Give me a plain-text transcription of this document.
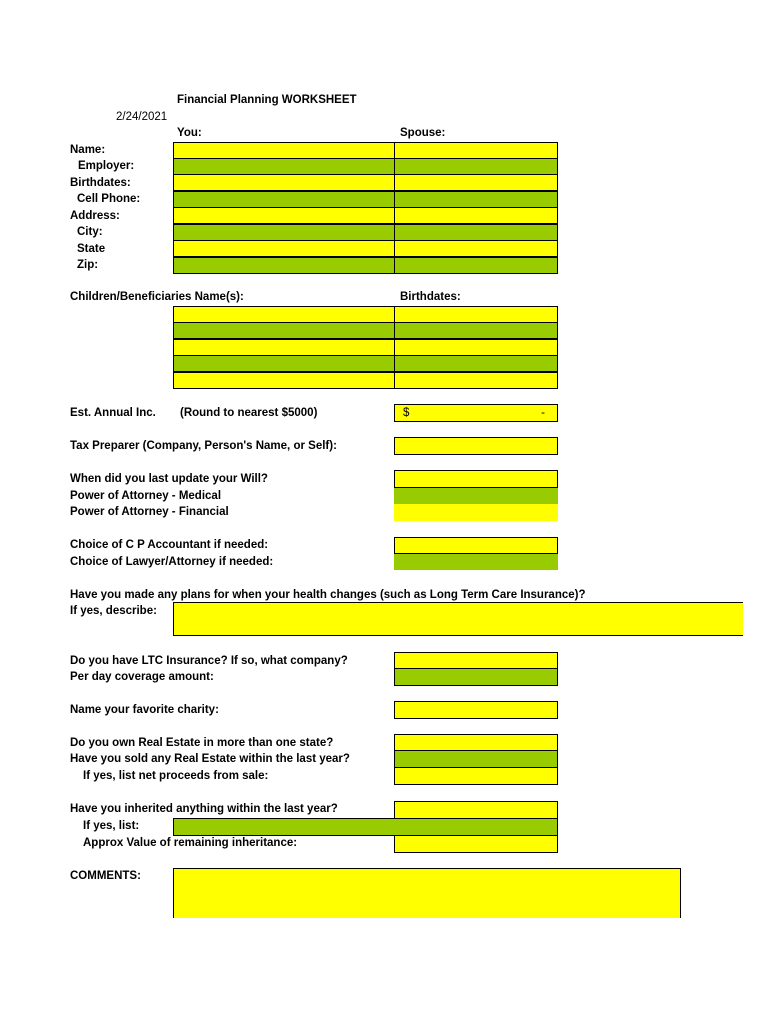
Financial Planning WORKSHEET
2/24/2021
You:	Spouse:
Name:
Employer:
Birthdates:
Cell Phone:
Address:
City:
State
Zip:
Children/Beneficiaries Name(s):	Birthdates:
Est. Annual Inc. (Round to nearest $5000)	$	-
Tax Preparer (Company, Person's Name, or Self):
When did you last update your Will?
Power of Attorney - Medical
Power of Attorney - Financial
Choice of C P Accountant if needed:
Choice of Lawyer/Attorney if needed:
Have you made any plans for when your health changes (such as Long Term Care Insurance)?
If yes, describe:
Do you have LTC Insurance? If so, what company?
Per day coverage amount:
Name your favorite charity:
Do you own Real Estate in more than one state?
Have you sold any Real Estate within the last year?
If yes, list net proceeds from sale:
Have you inherited anything within the last year?
If yes, list:
Approx Value of remaining inheritance:
COMMENTS:
